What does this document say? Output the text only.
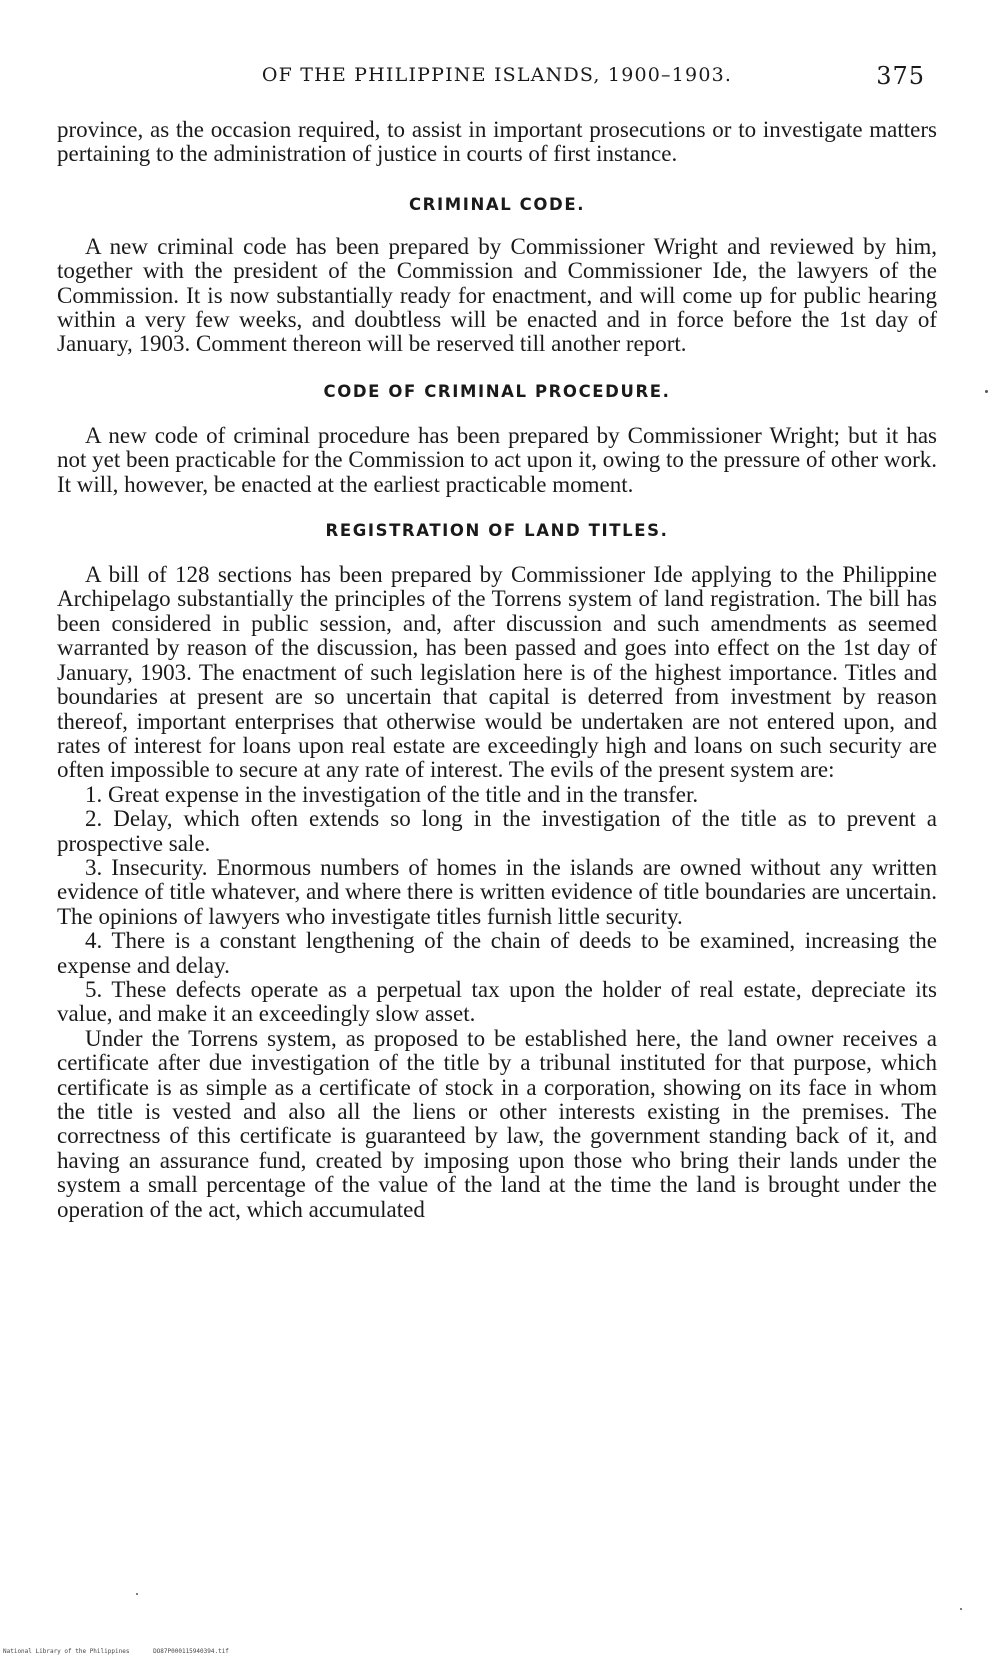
OF THE PHILIPPINE ISLANDS, 1900–1903.	375

province, as the occasion required, to assist in important prosecutions or to investigate matters pertaining to the administration of justice in courts of first instance.

CRIMINAL CODE.

A new criminal code has been prepared by Commissioner Wright and reviewed by him, together with the president of the Commission and Commissioner Ide, the lawyers of the Commission. It is now substantially ready for enactment, and will come up for public hearing within a very few weeks, and doubtless will be enacted and in force before the 1st day of January, 1903. Comment thereon will be reserved till another report.

CODE OF CRIMINAL PROCEDURE.

A new code of criminal procedure has been prepared by Commissioner Wright; but it has not yet been practicable for the Commission to act upon it, owing to the pressure of other work. It will, however, be enacted at the earliest practicable moment.

REGISTRATION OF LAND TITLES.

A bill of 128 sections has been prepared by Commissioner Ide applying to the Philippine Archipelago substantially the principles of the Torrens system of land registration. The bill has been considered in public session, and, after discussion and such amendments as seemed warranted by reason of the discussion, has been passed and goes into effect on the 1st day of January, 1903. The enactment of such legislation here is of the highest importance. Titles and boundaries at present are so uncertain that capital is deterred from investment by reason thereof, important enterprises that otherwise would be undertaken are not entered upon, and rates of interest for loans upon real estate are exceedingly high and loans on such security are often impossible to secure at any rate of interest. The evils of the present system are:

1. Great expense in the investigation of the title and in the transfer.

2. Delay, which often extends so long in the investigation of the title as to prevent a prospective sale.

3. Insecurity. Enormous numbers of homes in the islands are owned without any written evidence of title whatever, and where there is written evidence of title boundaries are uncertain. The opinions of lawyers who investigate titles furnish little security.

4. There is a constant lengthening of the chain of deeds to be examined, increasing the expense and delay.

5. These defects operate as a perpetual tax upon the holder of real estate, depreciate its value, and make it an exceedingly slow asset.

Under the Torrens system, as proposed to be established here, the land owner receives a certificate after due investigation of the title by a tribunal instituted for that purpose, which certificate is as simple as a certificate of stock in a corporation, showing on its face in whom the title is vested and also all the liens or other interests existing in the premises. The correctness of this certificate is guaranteed by law, the government standing back of it, and having an assurance fund, created by imposing upon those who bring their lands under the system a small percentage of the value of the land at the time the land is brought under the operation of the act, which accumulated

National Library of the Philippines	DO87P000115940394.tif
